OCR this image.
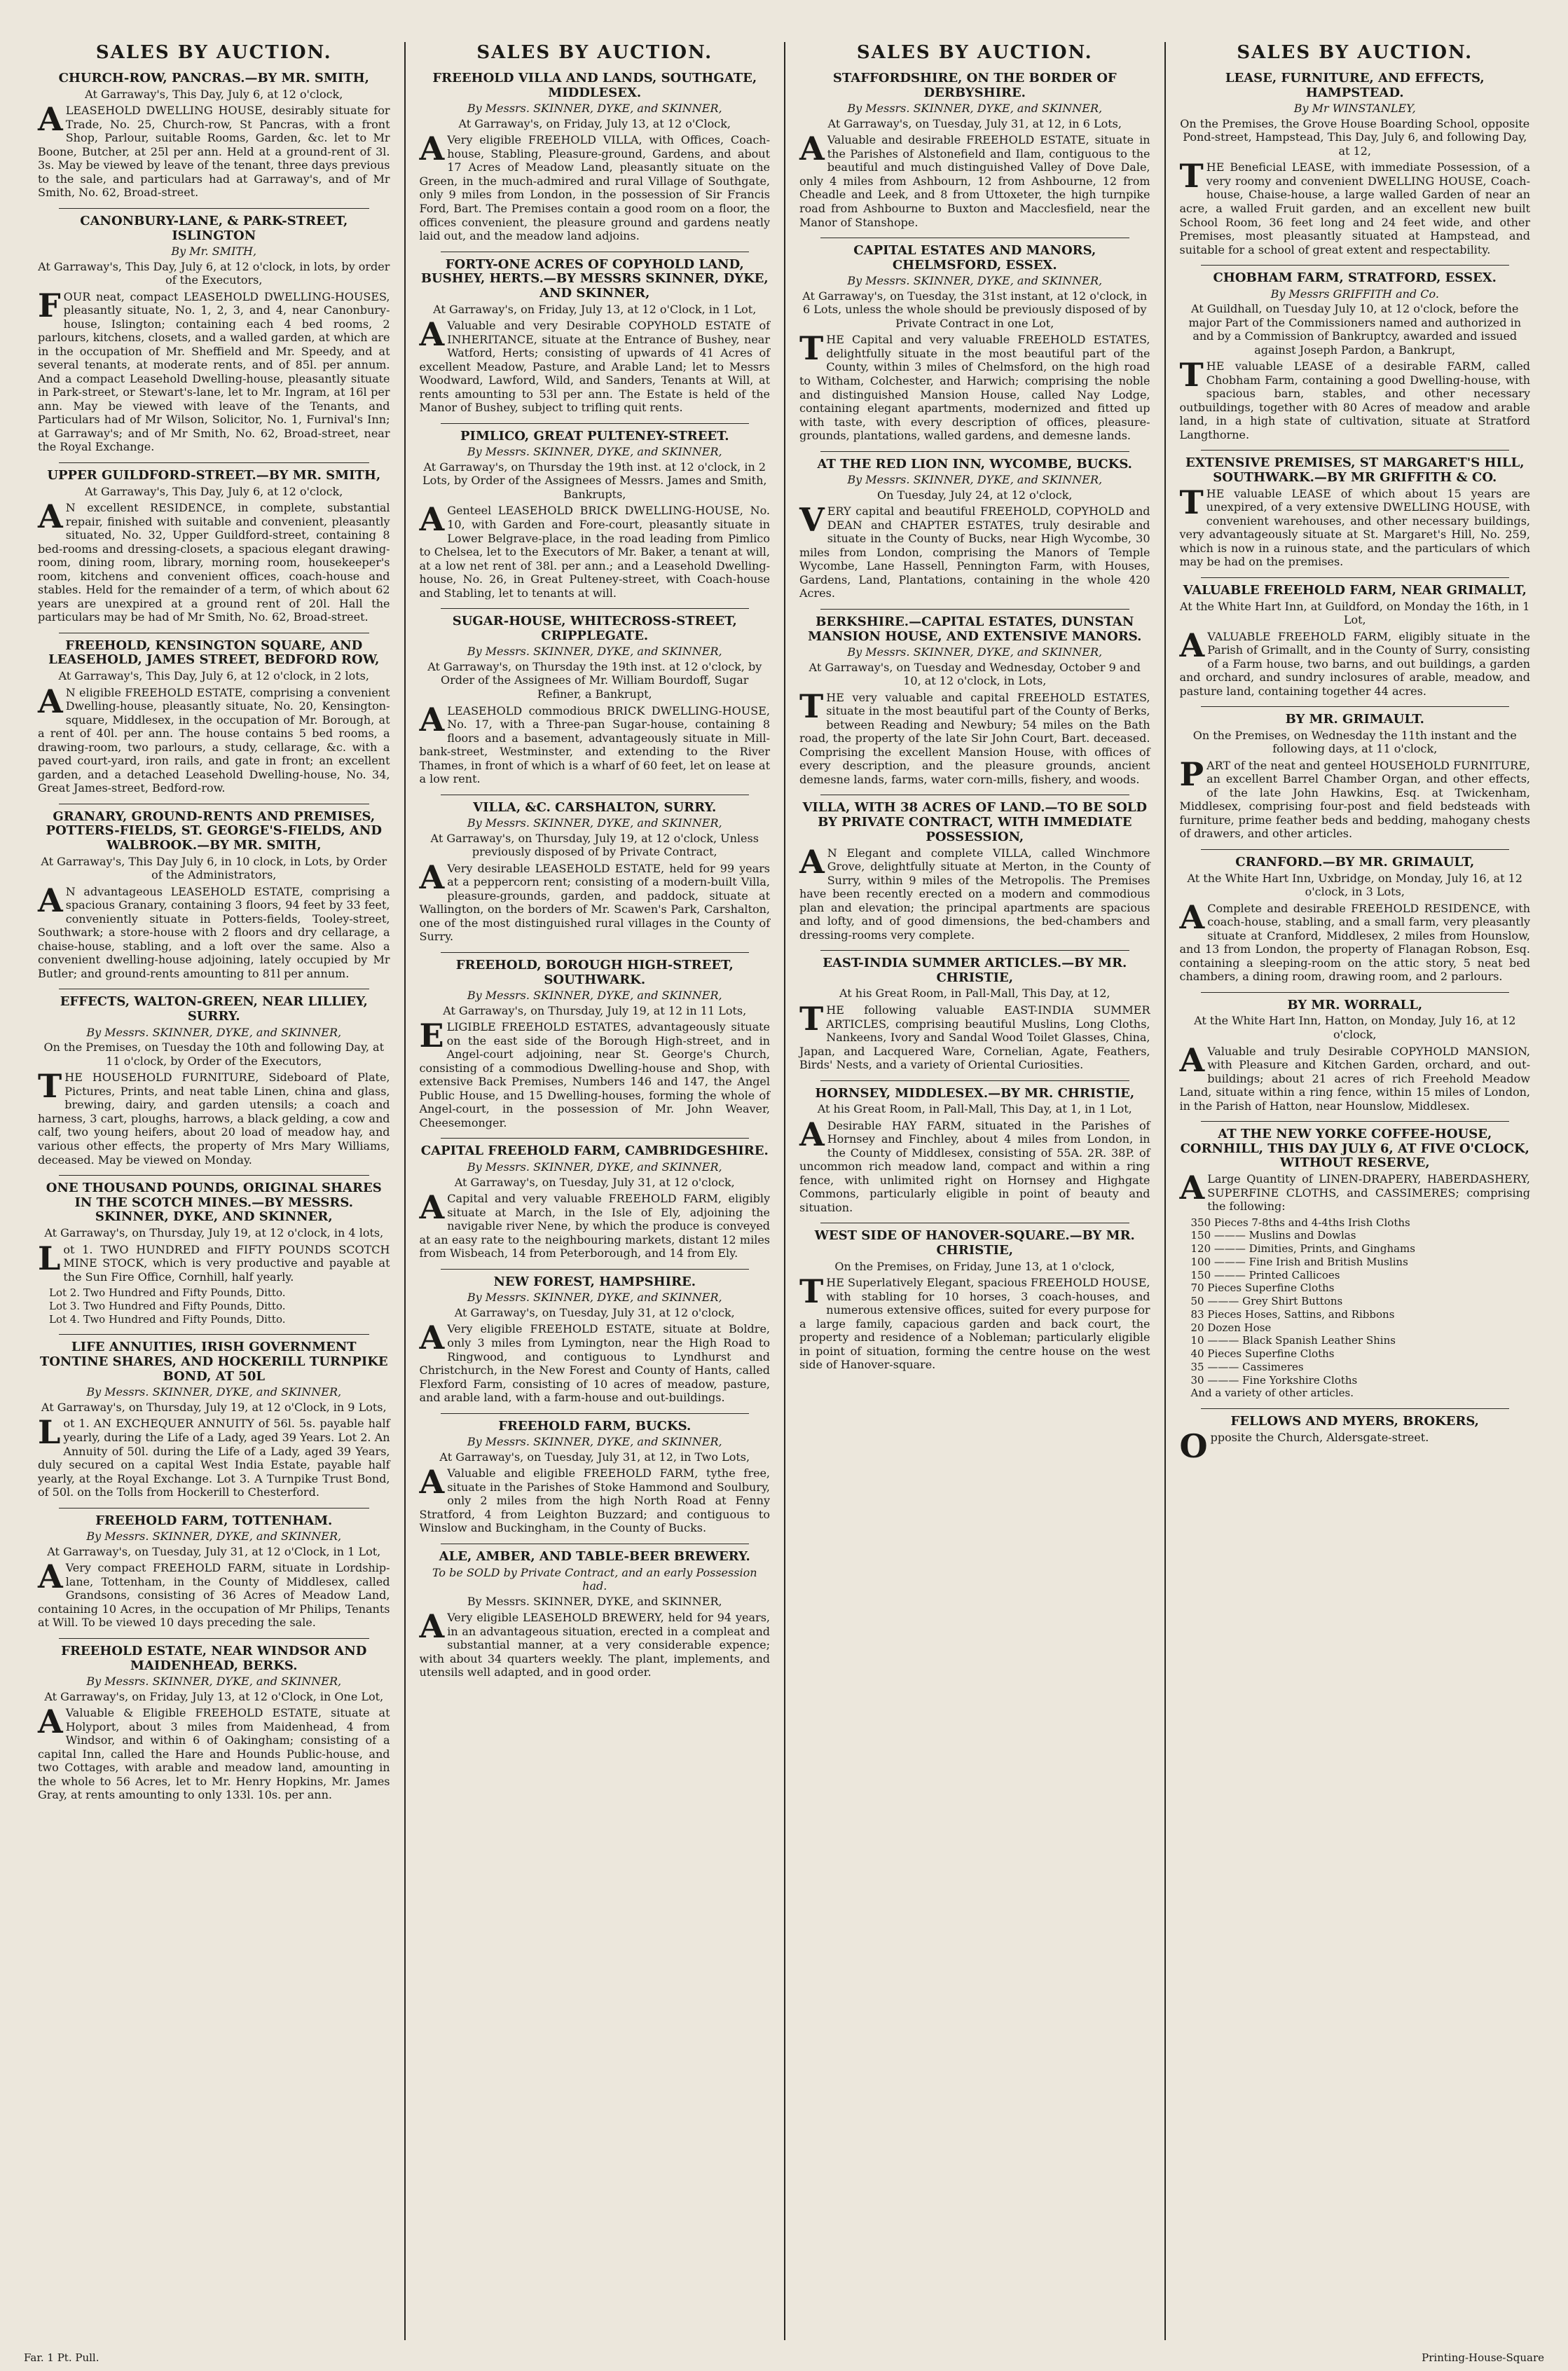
SALES BY AUCTION.
CHURCH-ROW, PANCRAS.—BY MR. SMITH,
At Garraway's, This Day, July 6, at 12 o'clock,
ALEASEHOLD DWELLING HOUSE, desirably situate for Trade, No. 25, Church-row, St Pancras, with a front Shop, Parlour, suitable Rooms, Garden, &c. let to Mr Boone, Butcher, at 25l per ann. Held at a ground-rent of 3l. 3s. May be viewed by leave of the tenant, three days previous to the sale, and particulars had at Garraway's, and of Mr Smith, No. 62, Broad-street.
CANONBURY-LANE, & PARK-STREET, ISLINGTON
By Mr. SMITH,
At Garraway's, This Day, July 6, at 12 o'clock, in lots, by order of the Executors,
FOUR neat, compact LEASEHOLD DWELLING-HOUSES, pleasantly situate, No. 1, 2, 3, and 4, near Canonbury-house, Islington; containing each 4 bed rooms, 2 parlours, kitchens, closets, and a walled garden, at which are in the occupation of Mr. Sheffield and Mr. Speedy, and at several tenants, at moderate rents, and of 85l. per annum. And a compact Leasehold Dwelling-house, pleasantly situate in Park-street, or Stewart's-lane, let to Mr. Ingram, at 16l per ann. May be viewed with leave of the Tenants, and Particulars had of Mr Wilson, Solicitor, No. 1, Furnival's Inn; at Garraway's; and of Mr Smith, No. 62, Broad-street, near the Royal Exchange.
UPPER GUILDFORD-STREET.—BY MR. SMITH,
At Garraway's, This Day, July 6, at 12 o'clock,
AN excellent RESIDENCE, in complete, substantial repair, finished with suitable and convenient, pleasantly situated, No. 32, Upper Guildford-street, containing 8 bed-rooms and dressing-closets, a spacious elegant drawing-room, dining room, library, morning room, housekeeper's room, kitchens and convenient offices, coach-house and stables. Held for the remainder of a term, of which about 62 years are unexpired at a ground rent of 20l. Hall the particulars may be had of Mr Smith, No. 62, Broad-street.
FREEHOLD, KENSINGTON SQUARE, AND LEASEHOLD, JAMES STREET, BEDFORD ROW,
At Garraway's, This Day, July 6, at 12 o'clock, in 2 lots,
AN eligible FREEHOLD ESTATE, comprising a convenient Dwelling-house, pleasantly situate, No. 20, Kensington-square, Middlesex, in the occupation of Mr. Borough, at a rent of 40l. per ann. The house contains 5 bed rooms, a drawing-room, two parlours, a study, cellarage, &c. with a paved court-yard, iron rails, and gate in front; an excellent garden, and a detached Leasehold Dwelling-house, No. 34, Great James-street, Bedford-row.
GRANARY, GROUND-RENTS AND PREMISES, POTTERS-FIELDS, ST. GEORGE'S-FIELDS, AND WALBROOK.—BY MR. SMITH,
At Garraway's, This Day July 6, in 10 clock, in Lots, by Order of the Administrators,
AN advantageous LEASEHOLD ESTATE, comprising a spacious Granary, containing 3 floors, 94 feet by 33 feet, conveniently situate in Potters-fields, Tooley-street, Southwark; a store-house with 2 floors and dry cellarage, a chaise-house, stabling, and a loft over the same. Also a convenient dwelling-house adjoining, lately occupied by Mr Butler; and ground-rents amounting to 81l per annum.
EFFECTS, WALTON-GREEN, NEAR LILLIEY, SURRY.
By Messrs. SKINNER, DYKE, and SKINNER,
On the Premises, on Tuesday the 10th and following Day, at 11 o'clock, by Order of the Executors,
THE HOUSEHOLD FURNITURE, Sideboard of Plate, Pictures, Prints, and neat table Linen, china and glass, brewing, dairy, and garden utensils; a coach and harness, 3 cart, ploughs, harrows, a black gelding, a cow and calf, two young heifers, about 20 load of meadow hay, and various other effects, the property of Mrs Mary Williams, deceased. May be viewed on Monday.
ONE THOUSAND POUNDS, ORIGINAL SHARES IN THE SCOTCH MINES.—BY MESSRS. SKINNER, DYKE, AND SKINNER,
At Garraway's, on Thursday, July 19, at 12 o'clock, in 4 lots,
Lot 1. TWO HUNDRED and FIFTY POUNDS SCOTCH MINE STOCK, which is very productive and payable at the Sun Fire Office, Cornhill, half yearly.
Lot 2. Two Hundred and Fifty Pounds, Ditto.
Lot 3. Two Hundred and Fifty Pounds, Ditto.
Lot 4. Two Hundred and Fifty Pounds, Ditto.
LIFE ANNUITIES, IRISH GOVERNMENT TONTINE SHARES, AND HOCKERILL TURNPIKE BOND, AT 50L
By Messrs. SKINNER, DYKE, and SKINNER,
At Garraway's, on Thursday, July 19, at 12 o'Clock, in 9 Lots,
Lot 1. AN EXCHEQUER ANNUITY of 56l. 5s. payable half yearly, during the Life of a Lady, aged 39 Years. Lot 2. An Annuity of 50l. during the Life of a Lady, aged 39 Years, duly secured on a capital West India Estate, payable half yearly, at the Royal Exchange. Lot 3. A Turnpike Trust Bond, of 50l. on the Tolls from Hockerill to Chesterford.
FREEHOLD FARM, TOTTENHAM.
By Messrs. SKINNER, DYKE, and SKINNER,
At Garraway's, on Tuesday, July 31, at 12 o'Clock, in 1 Lot,
AVery compact FREEHOLD FARM, situate in Lordship-lane, Tottenham, in the County of Middlesex, called Grandsons, consisting of 36 Acres of Meadow Land, containing 10 Acres, in the occupation of Mr Philips, Tenants at Will. To be viewed 10 days preceding the sale.
FREEHOLD ESTATE, NEAR WINDSOR AND MAIDENHEAD, BERKS.
By Messrs. SKINNER, DYKE, and SKINNER,
At Garraway's, on Friday, July 13, at 12 o'Clock, in One Lot,
AValuable & Eligible FREEHOLD ESTATE, situate at Holyport, about 3 miles from Maidenhead, 4 from Windsor, and within 6 of Oakingham; consisting of a capital Inn, called the Hare and Hounds Public-house, and two Cottages, with arable and meadow land, amounting in the whole to 56 Acres, let to Mr. Henry Hopkins, Mr. James Gray, at rents amounting to only 133l. 10s. per ann.
SALES BY AUCTION.
FREEHOLD VILLA AND LANDS, SOUTHGATE, MIDDLESEX.
By Messrs. SKINNER, DYKE, and SKINNER,
At Garraway's, on Friday, July 13, at 12 o'Clock,
AVery eligible FREEHOLD VILLA, with Offices, Coach-house, Stabling, Pleasure-ground, Gardens, and about 17 Acres of Meadow Land, pleasantly situate on the Green, in the much-admired and rural Village of Southgate, only 9 miles from London, in the possession of Sir Francis Ford, Bart. The Premises contain a good room on a floor, the offices convenient, the pleasure ground and gardens neatly laid out, and the meadow land adjoins.
FORTY-ONE ACRES OF COPYHOLD LAND, BUSHEY, HERTS.—BY MESSRS SKINNER, DYKE, AND SKINNER,
At Garraway's, on Friday, July 13, at 12 o'Clock, in 1 Lot,
AValuable and very Desirable COPYHOLD ESTATE of INHERITANCE, situate at the Entrance of Bushey, near Watford, Herts; consisting of upwards of 41 Acres of excellent Meadow, Pasture, and Arable Land; let to Messrs Woodward, Lawford, Wild, and Sanders, Tenants at Will, at rents amounting to 53l per ann. The Estate is held of the Manor of Bushey, subject to trifling quit rents.
PIMLICO, GREAT PULTENEY-STREET.
By Messrs. SKINNER, DYKE, and SKINNER,
At Garraway's, on Thursday the 19th inst. at 12 o'clock, in 2 Lots, by Order of the Assignees of Messrs. James and Smith, Bankrupts,
AGenteel LEASEHOLD BRICK DWELLING-HOUSE, No. 10, with Garden and Fore-court, pleasantly situate in Lower Belgrave-place, in the road leading from Pimlico to Chelsea, let to the Executors of Mr. Baker, a tenant at will, at a low net rent of 38l. per ann.; and a Leasehold Dwelling-house, No. 26, in Great Pulteney-street, with Coach-house and Stabling, let to tenants at will.
SUGAR-HOUSE, WHITECROSS-STREET, CRIPPLEGATE.
By Messrs. SKINNER, DYKE, and SKINNER,
At Garraway's, on Thursday the 19th inst. at 12 o'clock, by Order of the Assignees of Mr. William Bourdoff, Sugar Refiner, a Bankrupt,
ALEASEHOLD commodious BRICK DWELLING-HOUSE, No. 17, with a Three-pan Sugar-house, containing 8 floors and a basement, advantageously situate in Mill-bank-street, Westminster, and extending to the River Thames, in front of which is a wharf of 60 feet, let on lease at a low rent.
VILLA, &C. CARSHALTON, SURRY.
By Messrs. SKINNER, DYKE, and SKINNER,
At Garraway's, on Thursday, July 19, at 12 o'clock, Unless previously disposed of by Private Contract,
AVery desirable LEASEHOLD ESTATE, held for 99 years at a peppercorn rent; consisting of a modern-built Villa, pleasure-grounds, garden, and paddock, situate at Wallington, on the borders of Mr. Scawen's Park, Carshalton, one of the most distinguished rural villages in the County of Surry.
FREEHOLD, BOROUGH HIGH-STREET, SOUTHWARK.
By Messrs. SKINNER, DYKE, and SKINNER,
At Garraway's, on Thursday, July 19, at 12 in 11 Lots,
ELIGIBLE FREEHOLD ESTATES, advantageously situate on the east side of the Borough High-street, and in Angel-court adjoining, near St. George's Church, consisting of a commodious Dwelling-house and Shop, with extensive Back Premises, Numbers 146 and 147, the Angel Public House, and 15 Dwelling-houses, forming the whole of Angel-court, in the possession of Mr. John Weaver, Cheesemonger.
CAPITAL FREEHOLD FARM, CAMBRIDGESHIRE.
By Messrs. SKINNER, DYKE, and SKINNER,
At Garraway's, on Tuesday, July 31, at 12 o'clock,
ACapital and very valuable FREEHOLD FARM, eligibly situate at March, in the Isle of Ely, adjoining the navigable river Nene, by which the produce is conveyed at an easy rate to the neighbouring markets, distant 12 miles from Wisbeach, 14 from Peterborough, and 14 from Ely.
NEW FOREST, HAMPSHIRE.
By Messrs. SKINNER, DYKE, and SKINNER,
At Garraway's, on Tuesday, July 31, at 12 o'clock,
AVery eligible FREEHOLD ESTATE, situate at Boldre, only 3 miles from Lymington, near the High Road to Ringwood, and contiguous to Lyndhurst and Christchurch, in the New Forest and County of Hants, called Flexford Farm, consisting of 10 acres of meadow, pasture, and arable land, with a farm-house and out-buildings.
FREEHOLD FARM, BUCKS.
By Messrs. SKINNER, DYKE, and SKINNER,
At Garraway's, on Tuesday, July 31, at 12, in Two Lots,
AValuable and eligible FREEHOLD FARM, tythe free, situate in the Parishes of Stoke Hammond and Soulbury, only 2 miles from the high North Road at Fenny Stratford, 4 from Leighton Buzzard; and contiguous to Winslow and Buckingham, in the County of Bucks.
ALE, AMBER, AND TABLE-BEER BREWERY.
To be SOLD by Private Contract, and an early Possession had.
By Messrs. SKINNER, DYKE, and SKINNER,
AVery eligible LEASEHOLD BREWERY, held for 94 years, in an advantageous situation, erected in a compleat and substantial manner, at a very considerable expence; with about 34 quarters weekly. The plant, implements, and utensils well adapted, and in good order.
SALES BY AUCTION.
STAFFORDSHIRE, ON THE BORDER OF DERBYSHIRE.
By Messrs. SKINNER, DYKE, and SKINNER,
At Garraway's, on Tuesday, July 31, at 12, in 6 Lots,
AValuable and desirable FREEHOLD ESTATE, situate in the Parishes of Alstonefield and Ilam, contiguous to the beautiful and much distinguished Valley of Dove Dale, only 4 miles from Ashbourn, 12 from Ashbourne, 12 from Cheadle and Leek, and 8 from Uttoxeter, the high turnpike road from Ashbourne to Buxton and Macclesfield, near the Manor of Stanshope.
CAPITAL ESTATES AND MANORS, CHELMSFORD, ESSEX.
By Messrs. SKINNER, DYKE, and SKINNER,
At Garraway's, on Tuesday, the 31st instant, at 12 o'clock, in 6 Lots, unless the whole should be previously disposed of by Private Contract in one Lot,
THE Capital and very valuable FREEHOLD ESTATES, delightfully situate in the most beautiful part of the County, within 3 miles of Chelmsford, on the high road to Witham, Colchester, and Harwich; comprising the noble and distinguished Mansion House, called Nay Lodge, containing elegant apartments, modernized and fitted up with taste, with every description of offices, pleasure-grounds, plantations, walled gardens, and demesne lands.
AT THE RED LION INN, WYCOMBE, BUCKS.
By Messrs. SKINNER, DYKE, and SKINNER,
On Tuesday, July 24, at 12 o'clock,
VERY capital and beautiful FREEHOLD, COPYHOLD and DEAN and CHAPTER ESTATES, truly desirable and situate in the County of Bucks, near High Wycombe, 30 miles from London, comprising the Manors of Temple Wycombe, Lane Hassell, Pennington Farm, with Houses, Gardens, Land, Plantations, containing in the whole 420 Acres.
BERKSHIRE.—CAPITAL ESTATES, DUNSTAN MANSION HOUSE, AND EXTENSIVE MANORS.
By Messrs. SKINNER, DYKE, and SKINNER,
At Garraway's, on Tuesday and Wednesday, October 9 and 10, at 12 o'clock, in Lots,
THE very valuable and capital FREEHOLD ESTATES, situate in the most beautiful part of the County of Berks, between Reading and Newbury; 54 miles on the Bath road, the property of the late Sir John Court, Bart. deceased. Comprising the excellent Mansion House, with offices of every description, and the pleasure grounds, ancient demesne lands, farms, water corn-mills, fishery, and woods.
VILLA, WITH 38 ACRES OF LAND.—TO BE SOLD BY PRIVATE CONTRACT, WITH IMMEDIATE POSSESSION,
AN Elegant and complete VILLA, called Winchmore Grove, delightfully situate at Merton, in the County of Surry, within 9 miles of the Metropolis. The Premises have been recently erected on a modern and commodious plan and elevation; the principal apartments are spacious and lofty, and of good dimensions, the bed-chambers and dressing-rooms very complete.
EAST-INDIA SUMMER ARTICLES.—BY MR. CHRISTIE,
At his Great Room, in Pall-Mall, This Day, at 12,
THE following valuable EAST-INDIA SUMMER ARTICLES, comprising beautiful Muslins, Long Cloths, Nankeens, Ivory and Sandal Wood Toilet Glasses, China, Japan, and Lacquered Ware, Cornelian, Agate, Feathers, Birds' Nests, and a variety of Oriental Curiosities.
HORNSEY, MIDDLESEX.—BY MR. CHRISTIE,
At his Great Room, in Pall-Mall, This Day, at 1, in 1 Lot,
ADesirable HAY FARM, situated in the Parishes of Hornsey and Finchley, about 4 miles from London, in the County of Middlesex, consisting of 55A. 2R. 38P. of uncommon rich meadow land, compact and within a ring fence, with unlimited right on Hornsey and Highgate Commons, particularly eligible in point of beauty and situation.
WEST SIDE OF HANOVER-SQUARE.—BY MR. CHRISTIE,
On the Premises, on Friday, June 13, at 1 o'clock,
THE Superlatively Elegant, spacious FREEHOLD HOUSE, with stabling for 10 horses, 3 coach-houses, and numerous extensive offices, suited for every purpose for a large family, capacious garden and back court, the property and residence of a Nobleman; particularly eligible in point of situation, forming the centre house on the west side of Hanover-square.
SALES BY AUCTION.
LEASE, FURNITURE, AND EFFECTS, HAMPSTEAD.
By Mr WINSTANLEY,
On the Premises, the Grove House Boarding School, opposite Pond-street, Hampstead, This Day, July 6, and following Day, at 12,
THE Beneficial LEASE, with immediate Possession, of a very roomy and convenient DWELLING HOUSE, Coach-house, Chaise-house, a large walled Garden of near an acre, a walled Fruit garden, and an excellent new built School Room, 36 feet long and 24 feet wide, and other Premises, most pleasantly situated at Hampstead, and suitable for a school of great extent and respectability.
CHOBHAM FARM, STRATFORD, ESSEX.
By Messrs GRIFFITH and Co.
At Guildhall, on Tuesday July 10, at 12 o'clock, before the major Part of the Commissioners named and authorized in and by a Commission of Bankruptcy, awarded and issued against Joseph Pardon, a Bankrupt,
THE valuable LEASE of a desirable FARM, called Chobham Farm, containing a good Dwelling-house, with spacious barn, stables, and other necessary outbuildings, together with 80 Acres of meadow and arable land, in a high state of cultivation, situate at Stratford Langthorne.
EXTENSIVE PREMISES, ST MARGARET'S HILL, SOUTHWARK.—BY MR GRIFFITH & CO.
THE valuable LEASE of which about 15 years are unexpired, of a very extensive DWELLING HOUSE, with convenient warehouses, and other necessary buildings, very advantageously situate at St. Margaret's Hill, No. 259, which is now in a ruinous state, and the particulars of which may be had on the premises.
VALUABLE FREEHOLD FARM, NEAR GRIMALLT,
At the White Hart Inn, at Guildford, on Monday the 16th, in 1 Lot,
AVALUABLE FREEHOLD FARM, eligibly situate in the Parish of Grimallt, and in the County of Surry, consisting of a Farm house, two barns, and out buildings, a garden and orchard, and sundry inclosures of arable, meadow, and pasture land, containing together 44 acres.
BY MR. GRIMAULT.
On the Premises, on Wednesday the 11th instant and the following days, at 11 o'clock,
PART of the neat and genteel HOUSEHOLD FURNITURE, an excellent Barrel Chamber Organ, and other effects, of the late John Hawkins, Esq. at Twickenham, Middlesex, comprising four-post and field bedsteads with furniture, prime feather beds and bedding, mahogany chests of drawers, and other articles.
CRANFORD.—BY MR. GRIMAULT,
At the White Hart Inn, Uxbridge, on Monday, July 16, at 12 o'clock, in 3 Lots,
AComplete and desirable FREEHOLD RESIDENCE, with coach-house, stabling, and a small farm, very pleasantly situate at Cranford, Middlesex, 2 miles from Hounslow, and 13 from London, the property of Flanagan Robson, Esq. containing a sleeping-room on the attic story, 5 neat bed chambers, a dining room, drawing room, and 2 parlours.
BY MR. WORRALL,
At the White Hart Inn, Hatton, on Monday, July 16, at 12 o'clock,
AValuable and truly Desirable COPYHOLD MANSION, with Pleasure and Kitchen Garden, orchard, and out-buildings; about 21 acres of rich Freehold Meadow Land, situate within a ring fence, within 15 miles of London, in the Parish of Hatton, near Hounslow, Middlesex.
AT THE NEW YORKE COFFEE-HOUSE, CORNHILL, THIS DAY JULY 6, AT FIVE O'CLOCK, WITHOUT RESERVE,
ALarge Quantity of LINEN-DRAPERY, HABERDASHERY, SUPERFINE CLOTHS, and CASSIMERES; comprising the following:
350 Pieces 7-8ths and 4-4ths Irish Cloths
150 ——— Muslins and Dowlas
120 ——— Dimities, Prints, and Ginghams
100 ——— Fine Irish and British Muslins
150 ——— Printed Callicoes
70 Pieces Superfine Cloths
50 ——— Grey Shirt Buttons
83 Pieces Hoses, Sattins, and Ribbons
20 Dozen Hose
10 ——— Black Spanish Leather Shins
40 Pieces Superfine Cloths
35 ——— Cassimeres
30 ——— Fine Yorkshire Cloths
And a variety of other articles.
FELLOWS AND MYERS, BROKERS,
Opposite the Church, Aldersgate-street.
Far. 1 Pt. Pull.	Printing-House-Square
